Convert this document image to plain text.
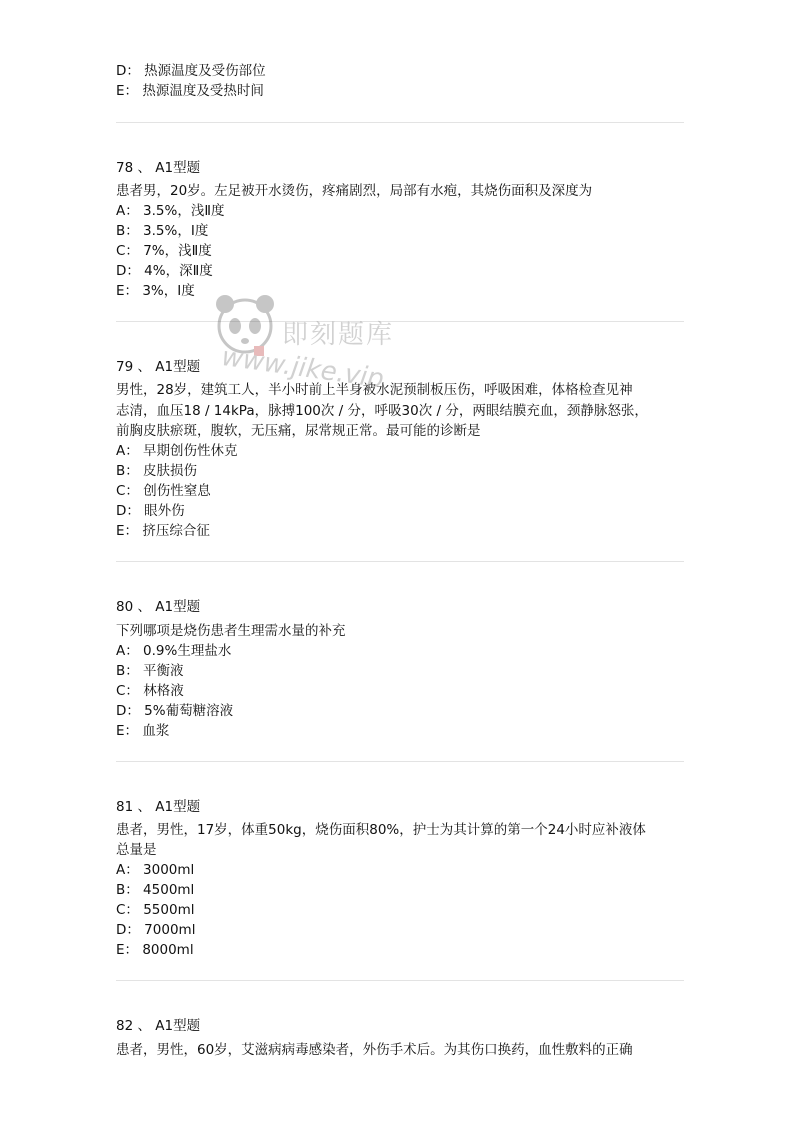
D： 热源温度及受伤部位
E： 热源温度及受热时间
78 、 A1型题
患者男，20岁。左足被开水烫伤，疼痛剧烈，局部有水疱，其烧伤面积及深度为
A： 3.5%，浅Ⅱ度
B： 3.5%，Ⅰ度
C： 7%，浅Ⅱ度
D： 4%，深Ⅱ度
E： 3%，Ⅰ度
79 、 A1型题
男性，28岁，建筑工人，半小时前上半身被水泥预制板压伤，呼吸困难，体格检查见神
志清，血压18 / 14kPa，脉搏100次 / 分，呼吸30次 / 分，两眼结膜充血，颈静脉怒张，
前胸皮肤瘀斑，腹软，无压痛，尿常规正常。最可能的诊断是
A： 早期创伤性休克
B： 皮肤损伤
C： 创伤性窒息
D： 眼外伤
E： 挤压综合征
80 、 A1型题
下列哪项是烧伤患者生理需水量的补充
A： 0.9%生理盐水
B： 平衡液
C： 林格液
D： 5%葡萄糖溶液
E： 血浆
81 、 A1型题
患者，男性，17岁，体重50kg，烧伤面积80%，护士为其计算的第一个24小时应补液体
总量是
A： 3000ml
B： 4500ml
C： 5500ml
D： 7000ml
E： 8000ml
82 、 A1型题
患者，男性，60岁，艾滋病病毒感染者，外伤手术后。为其伤口换药，血性敷料的正确
即刻题库
www.jike.vip
